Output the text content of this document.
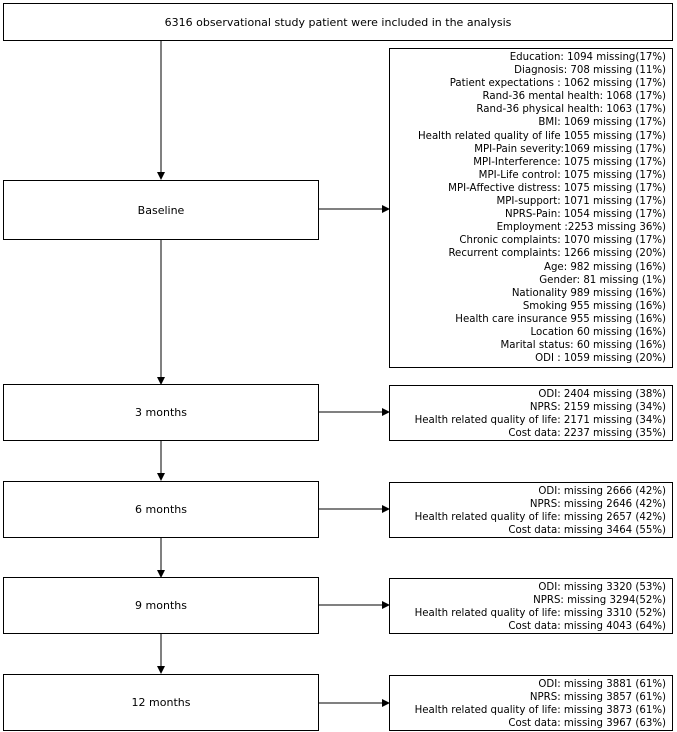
6316 observational study patient were included in the analysis
Baseline
3 months
6 months
9 months
12 months
Education: 1094 missing(17%)
Diagnosis: 708 missing (11%)
Patient expectations : 1062 missing (17%)
Rand-36 mental health: 1068 (17%)
Rand-36 physical health: 1063 (17%)
BMI: 1069 missing (17%)
Health related quality of life 1055 missing (17%)
MPI-Pain severity:1069 missing (17%)
MPI-Interference: 1075 missing (17%)
MPI-Life control: 1075 missing (17%)
MPI-Affective distress: 1075 missing (17%)
MPI-support: 1071 missing (17%)
NPRS-Pain: 1054 missing (17%)
Employment :2253 missing 36%)
Chronic complaints: 1070 missing (17%)
Recurrent complaints: 1266 missing (20%)
Age: 982 missing (16%)
Gender: 81 missing (1%)
Nationality 989 missing (16%)
Smoking 955 missing (16%)
Health care insurance 955 missing (16%)
Location 60 missing (16%)
Marital status: 60 missing (16%)
ODI : 1059 missing (20%)
ODI: 2404 missing (38%)
NPRS: 2159 missing (34%)
Health related quality of life: 2171 missing (34%)
Cost data: 2237 missing (35%)
ODI: missing 2666 (42%)
NPRS: missing 2646 (42%)
Health related quality of life: missing 2657 (42%)
Cost data: missing 3464 (55%)
ODI: missing 3320 (53%)
NPRS: missing 3294(52%)
Health related quality of life: missing 3310 (52%)
Cost data: missing 4043 (64%)
ODI: missing 3881 (61%)
NPRS: missing 3857 (61%)
Health related quality of life: missing 3873 (61%)
Cost data: missing 3967 (63%)
